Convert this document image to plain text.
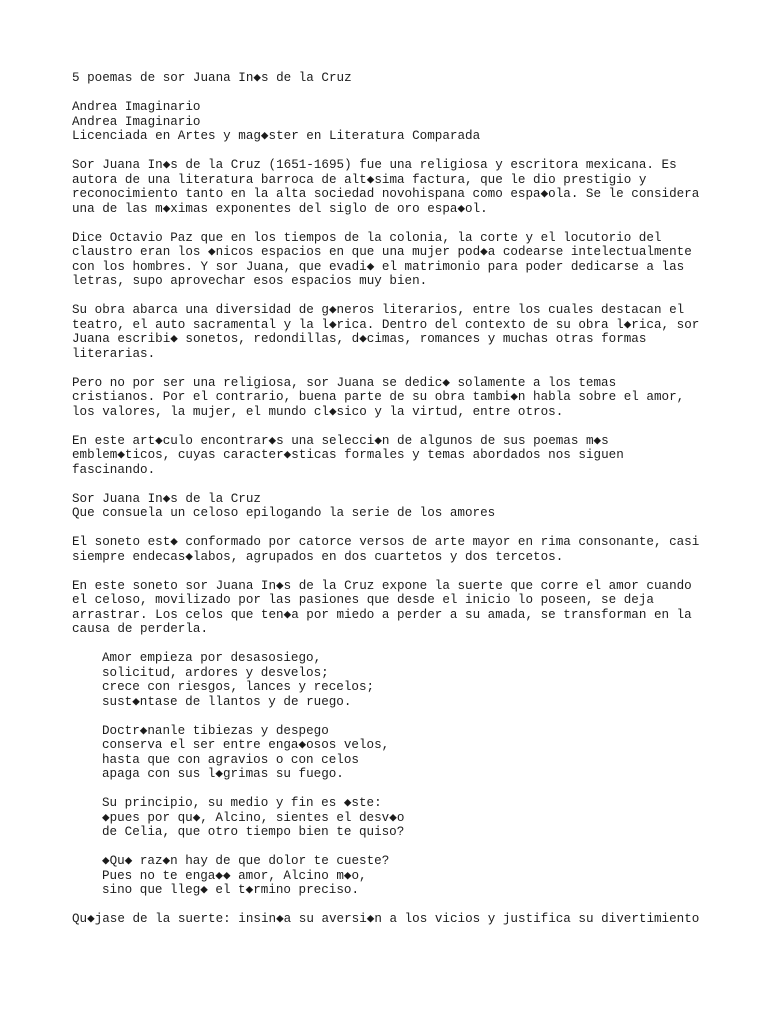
5 poemas de sor Juana In◆s de la Cruz
Andrea Imaginario
Andrea Imaginario
Licenciada en Artes y mag◆ster en Literatura Comparada
Sor Juana In◆s de la Cruz (1651-1695) fue una religiosa y escritora mexicana. Es
autora de una literatura barroca de alt◆sima factura, que le dio prestigio y
reconocimiento tanto en la alta sociedad novohispana como espa◆ola. Se le considera
una de las m◆ximas exponentes del siglo de oro espa◆ol.
Dice Octavio Paz que en los tiempos de la colonia, la corte y el locutorio del
claustro eran los ◆nicos espacios en que una mujer pod◆a codearse intelectualmente
con los hombres. Y sor Juana, que evadi◆ el matrimonio para poder dedicarse a las
letras, supo aprovechar esos espacios muy bien.
Su obra abarca una diversidad de g◆neros literarios, entre los cuales destacan el
teatro, el auto sacramental y la l◆rica. Dentro del contexto de su obra l◆rica, sor
Juana escribi◆ sonetos, redondillas, d◆cimas, romances y muchas otras formas
literarias.
Pero no por ser una religiosa, sor Juana se dedic◆ solamente a los temas
cristianos. Por el contrario, buena parte de su obra tambi◆n habla sobre el amor,
los valores, la mujer, el mundo cl◆sico y la virtud, entre otros.
En este art◆culo encontrar◆s una selecci◆n de algunos de sus poemas m◆s
emblem◆ticos, cuyas caracter◆sticas formales y temas abordados nos siguen
fascinando.
Sor Juana In◆s de la Cruz
Que consuela un celoso epilogando la serie de los amores
El soneto est◆ conformado por catorce versos de arte mayor en rima consonante, casi
siempre endecas◆labos, agrupados en dos cuartetos y dos tercetos.
En este soneto sor Juana In◆s de la Cruz expone la suerte que corre el amor cuando
el celoso, movilizado por las pasiones que desde el inicio lo poseen, se deja
arrastrar. Los celos que ten◆a por miedo a perder a su amada, se transforman en la
causa de perderla.
Amor empieza por desasosiego,
solicitud, ardores y desvelos;
crece con riesgos, lances y recelos;
sust◆ntase de llantos y de ruego.
Doctr◆nanle tibiezas y despego
conserva el ser entre enga◆osos velos,
hasta que con agravios o con celos
apaga con sus l◆grimas su fuego.
Su principio, su medio y fin es ◆ste:
◆pues por qu◆, Alcino, sientes el desv◆o
de Celia, que otro tiempo bien te quiso?
◆Qu◆ raz◆n hay de que dolor te cueste?
Pues no te enga◆◆ amor, Alcino m◆o,
sino que lleg◆ el t◆rmino preciso.
Qu◆jase de la suerte: insin◆a su aversi◆n a los vicios y justifica su divertimiento
